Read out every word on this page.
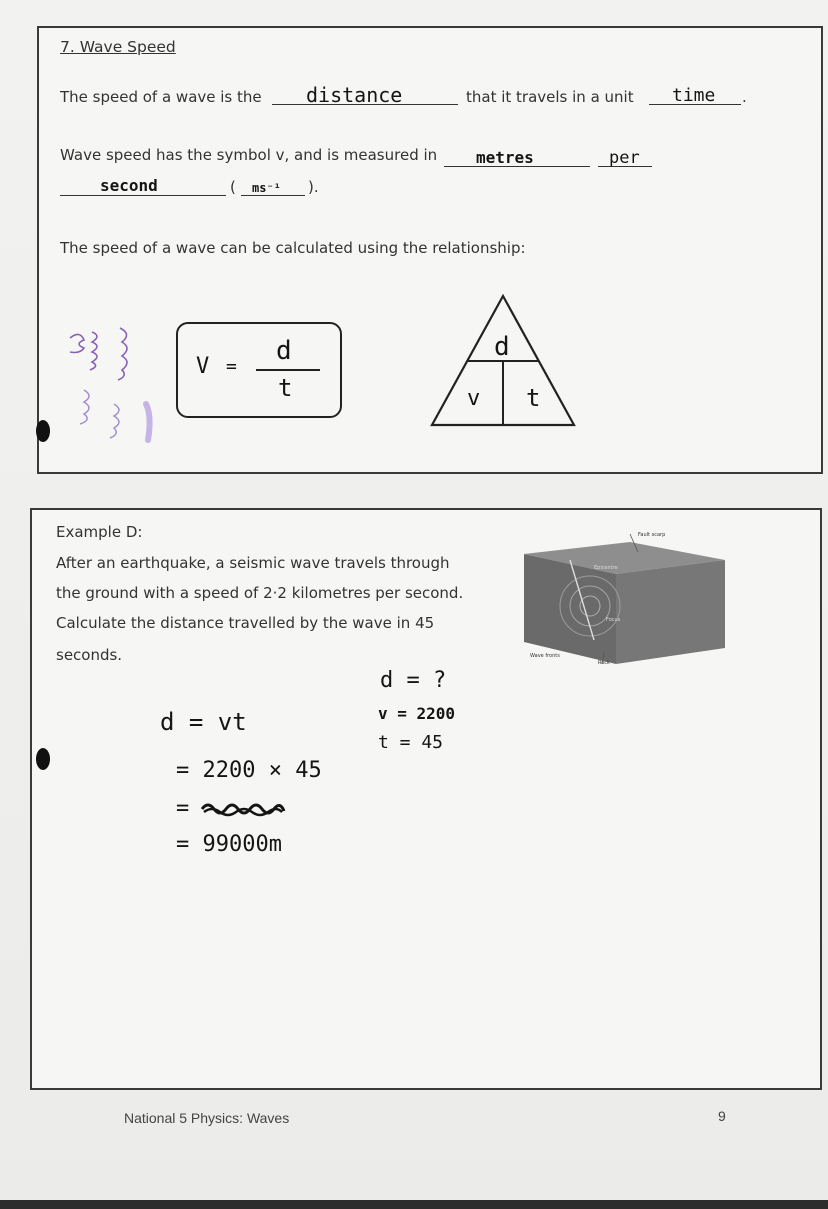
7. Wave Speed
The speed of a wave is the distance	that it travels in a unit time .
Wave speed has the symbol v, and is measured in metres	per
second	( ms⁻¹ ).
The speed of a wave can be calculated using the relationship:
V =
d
t
d
v t
Example D:
After an earthquake, a seismic wave travels through
the ground with a speed of 2·2 kilometres per second.
Calculate the distance travelled by the wave in 45
seconds.
Fault scarp
Epicentre
Focus
Wave fronts
Rock
d = ?
v = 2200
t = 45
d = vt
= 2200 × 45
=
= 99000m
National 5 Physics: Waves	9
